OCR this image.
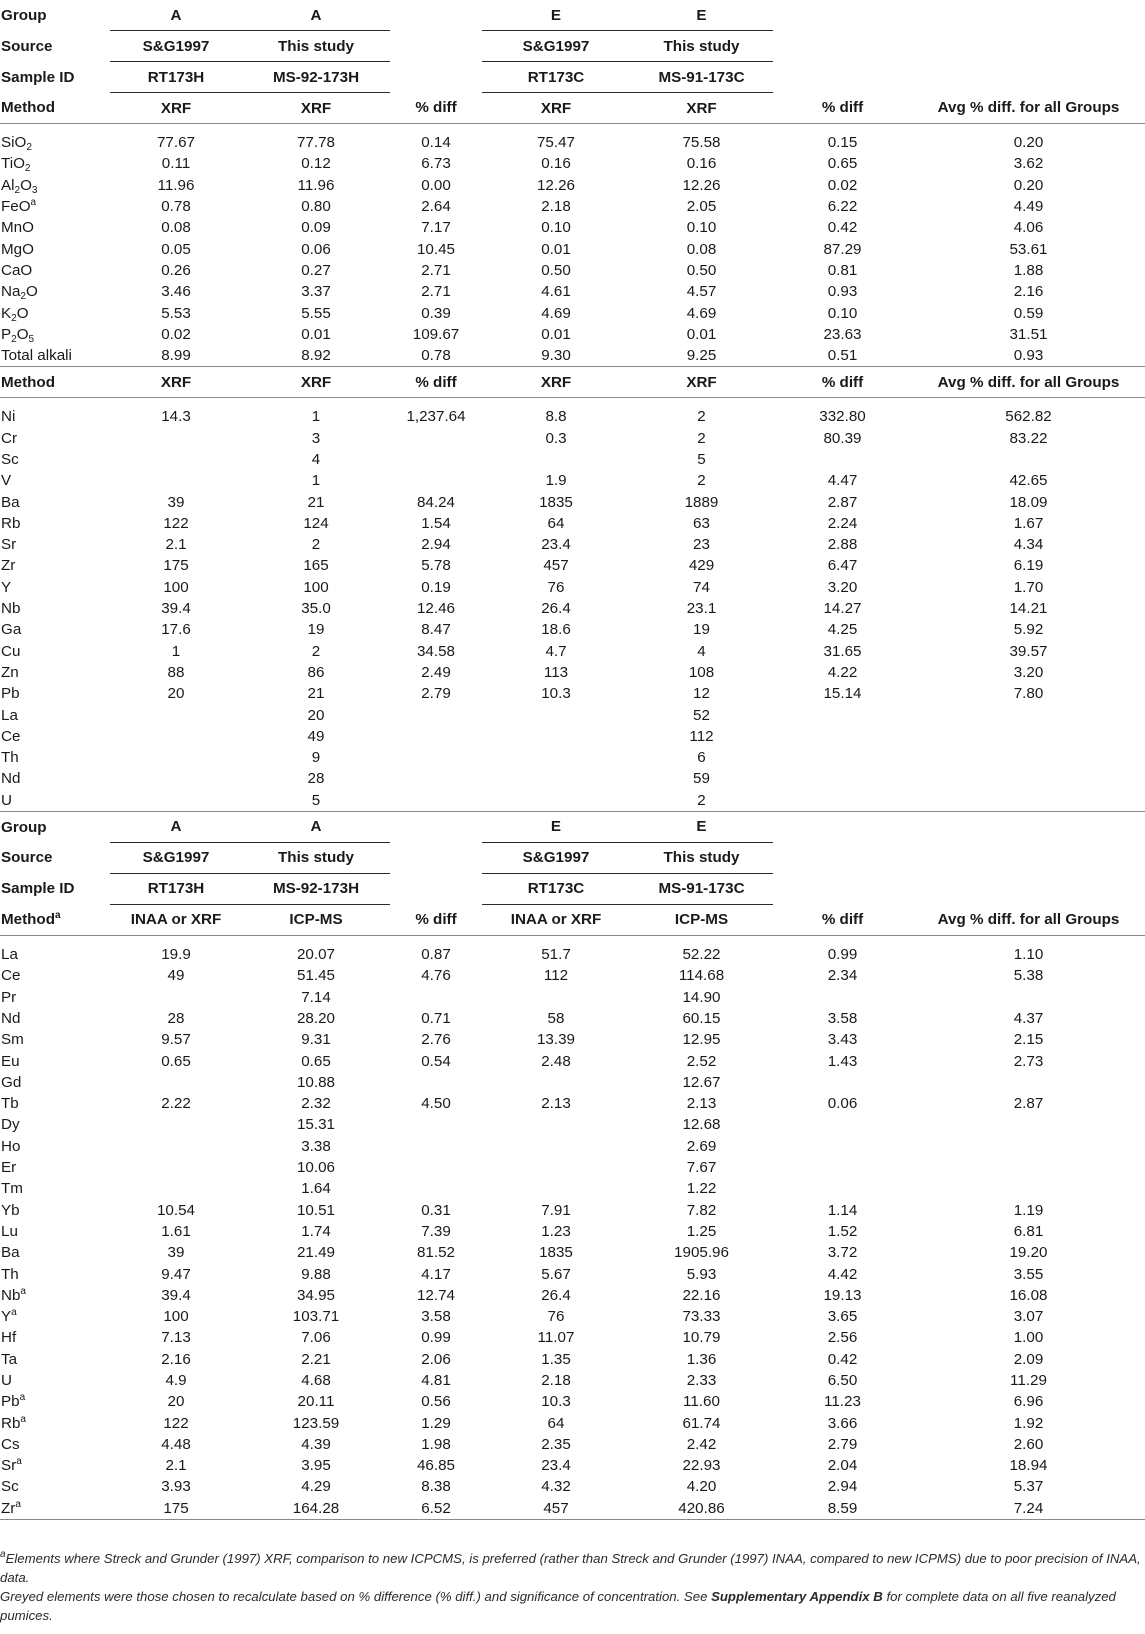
Group	A	A		E	E		
Source	S&G1997	This study		S&G1997	This study		
Sample ID	RT173H	MS-92-173H		RT173C	MS-91-173C		
Method	XRF	XRF	% diff	XRF	XRF	% diff	Avg % diff. for all Groups

SiO$_2$	77.67	77.78	0.14	75.47	75.58	0.15	0.20
TiO$_2$	0.11	0.12	6.73	0.16	0.16	0.65	3.62
$Al_2O_3$	11.96	11.96	0.00	12.26	12.26	0.02	0.20
FeO$^a$	0.78	0.80	2.64	2.18	2.05	6.22	4.49
MnO	0.08	0.09	7.17	0.10	0.10	0.42	4.06
MgO	0.05	0.06	10.45	0.01	0.08	87.29	53.61
CaO	0.26	0.27	2.71	0.50	0.50	0.81	1.88
$Na_2O$	3.46	3.37	2.71	4.61	4.57	0.93	2.16
$K_2O$	5.53	5.55	0.39	4.69	4.69	0.10	0.59
$P_2O_5$	0.02	0.01	109.67	0.01	0.01	23.63	31.51
Total alkali	8.99	8.92	0.78	9.30	9.25	0.51	0.93
Method	XRF	XRF	% diff	XRF	XRF	% diff	Avg % diff. for all Groups

Ni	14.3	1	1,237.64	8.8	2	332.80	562.82
Cr		3		0.3	2	80.39	83.22
Sc		4			5		
V		1		1.9	2	4.47	42.65
Ba	39	21	84.24	1835	1889	2.87	18.09
Rb	122	124	1.54	64	63	2.24	1.67
Sr	2.1	2	2.94	23.4	23	2.88	4.34
Zr	175	165	5.78	457	429	6.47	6.19
Y	100	100	0.19	76	74	3.20	1.70
Nb	39.4	35.0	12.46	26.4	23.1	14.27	14.21
Ga	17.6	19	8.47	18.6	19	4.25	5.92
Cu	1	2	34.58	4.7	4	31.65	39.57
Zn	88	86	2.49	113	108	4.22	3.20
Pb	20	21	2.79	10.3	12	15.14	7.80
La		20			52		
Ce		49			112		
Th		9			6		
Nd		28			59		
U		5			2		
Group	A	A		E	E		
Source	S&G1997	This study		S&G1997	This study		
Sample ID	RT173H	MS-92-173H		RT173C	MS-91-173C		
Method$^a$	INAA or XRF	ICP-MS	% diff	INAA or XRF	ICP-MS	% diff	Avg % diff. for all Groups

La	19.9	20.07	0.87	51.7	52.22	0.99	1.10
Ce	49	51.45	4.76	112	114.68	2.34	5.38
Pr		7.14			14.90		
Nd	28	28.20	0.71	58	60.15	3.58	4.37
Sm	9.57	9.31	2.76	13.39	12.95	3.43	2.15
Eu	0.65	0.65	0.54	2.48	2.52	1.43	2.73
Gd		10.88			12.67		
Tb	2.22	2.32	4.50	2.13	2.13	0.06	2.87
Dy		15.31			12.68		
Ho		3.38			2.69		
Er		10.06			7.67		
Tm		1.64			1.22		
Yb	10.54	10.51	0.31	7.91	7.82	1.14	1.19
Lu	1.61	1.74	7.39	1.23	1.25	1.52	6.81
Ba	39	21.49	81.52	1835	1905.96	3.72	19.20
Th	9.47	9.88	4.17	5.67	5.93	4.42	3.55
Nb$^a$	39.4	34.95	12.74	26.4	22.16	19.13	16.08
$Y^a$	100	103.71	3.58	76	73.33	3.65	3.07
Hf	7.13	7.06	0.99	11.07	10.79	2.56	1.00
Ta	2.16	2.21	2.06	1.35	1.36	0.42	2.09
U	4.9	4.68	4.81	2.18	2.33	6.50	11.29
Pb$^a$	20	20.11	0.56	10.3	11.60	11.23	6.96
Rb$^a$	122	123.59	1.29	64	61.74	3.66	1.92
Cs	4.48	4.39	1.98	2.35	2.42	2.79	2.60
Sr$^a$	2.1	3.95	46.85	23.4	22.93	2.04	18.94
Sc	3.93	4.29	8.38	4.32	4.20	2.94	5.37
Zr$^a$	175	164.28	6.52	457	420.86	8.59	7.24

$^a$Elements where Streck and Grunder (1997) XRF, comparison to new ICPCMS, is preferred (rather than Streck and Grunder (1997) INAA, compared to new ICPMS) due to poor precision of INAA, data.

Greyed elements were those chosen to recalculate based on % difference (% diff.) and significance of concentration. See Supplementary Appendix B for complete data on all five reanalyzed pumices.
